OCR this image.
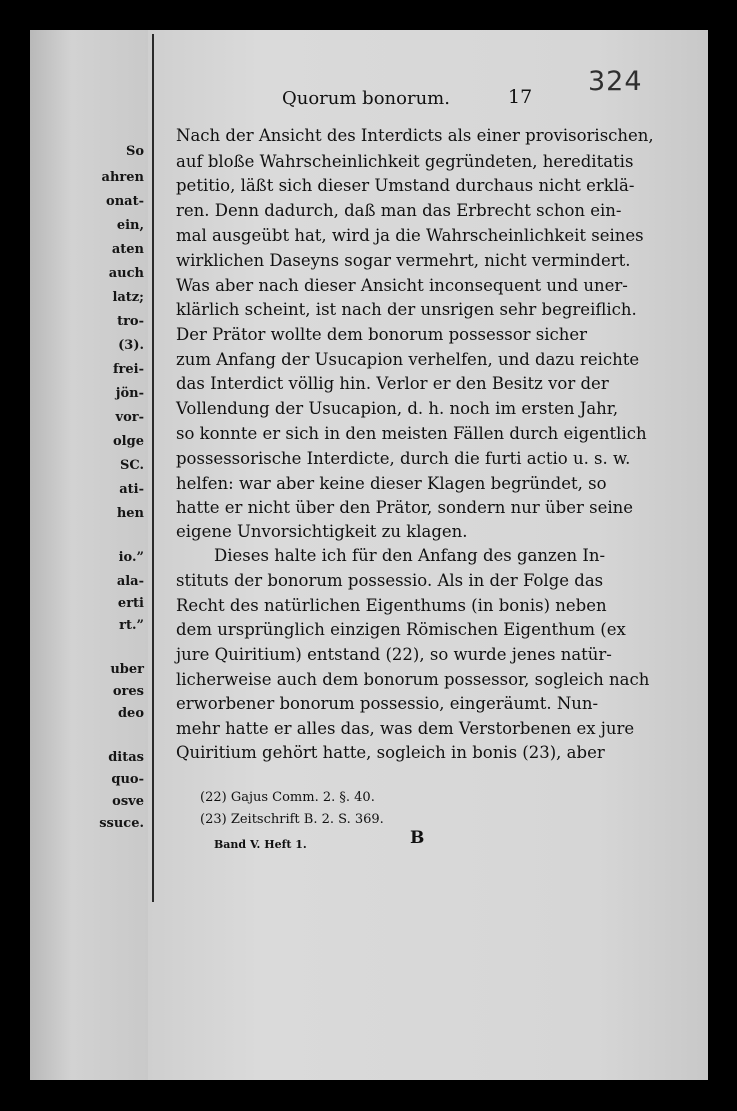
So
ahren
onat-
ein,
aten
auch
latz;
tro-
(3).
frei-
jön-
vor-
olge
SC.
ati-
hen
io.”
ala-
erti
rt.”
uber
ores
deo
ditas
quo-
osve
ssuce.
Quorum bonorum.	17 324
Nach der Ansicht des Interdicts als einer provisorischen,
auf bloße Wahrscheinlichkeit gegründeten, hereditatis
petitio, läßt sich dieser Umstand durchaus nicht erklä-
ren. Denn dadurch, daß man das Erbrecht schon ein-
mal ausgeübt hat, wird ja die Wahrscheinlichkeit seines
wirklichen Daseyns sogar vermehrt, nicht vermindert.
Was aber nach dieser Ansicht inconsequent und uner-
klärlich scheint, ist nach der unsrigen sehr begreiflich.
Der Prätor wollte dem bonorum possessor sicher
zum Anfang der Usucapion verhelfen, und dazu reichte
das Interdict völlig hin. Verlor er den Besitz vor der
Vollendung der Usucapion, d. h. noch im ersten Jahr,
so konnte er sich in den meisten Fällen durch eigentlich
possessorische Interdicte, durch die furti actio u. s. w.
helfen: war aber keine dieser Klagen begründet, so
hatte er nicht über den Prätor, sondern nur über seine
eigene Unvorsichtigkeit zu klagen.
Dieses halte ich für den Anfang des ganzen In-
stituts der bonorum possessio. Als in der Folge das
Recht des natürlichen Eigenthums (in bonis) neben
dem ursprünglich einzigen Römischen Eigenthum (ex
jure Quiritium) entstand (22), so wurde jenes natür-
licherweise auch dem bonorum possessor, sogleich nach
erworbener bonorum possessio, eingeräumt. Nun-
mehr hatte er alles das, was dem Verstorbenen ex jure
Quiritium gehört hatte, sogleich in bonis (23), aber
(22) Gajus Comm. 2. §. 40.
(23) Zeitschrift B. 2. S. 369.
Band V. Heft 1.	B
